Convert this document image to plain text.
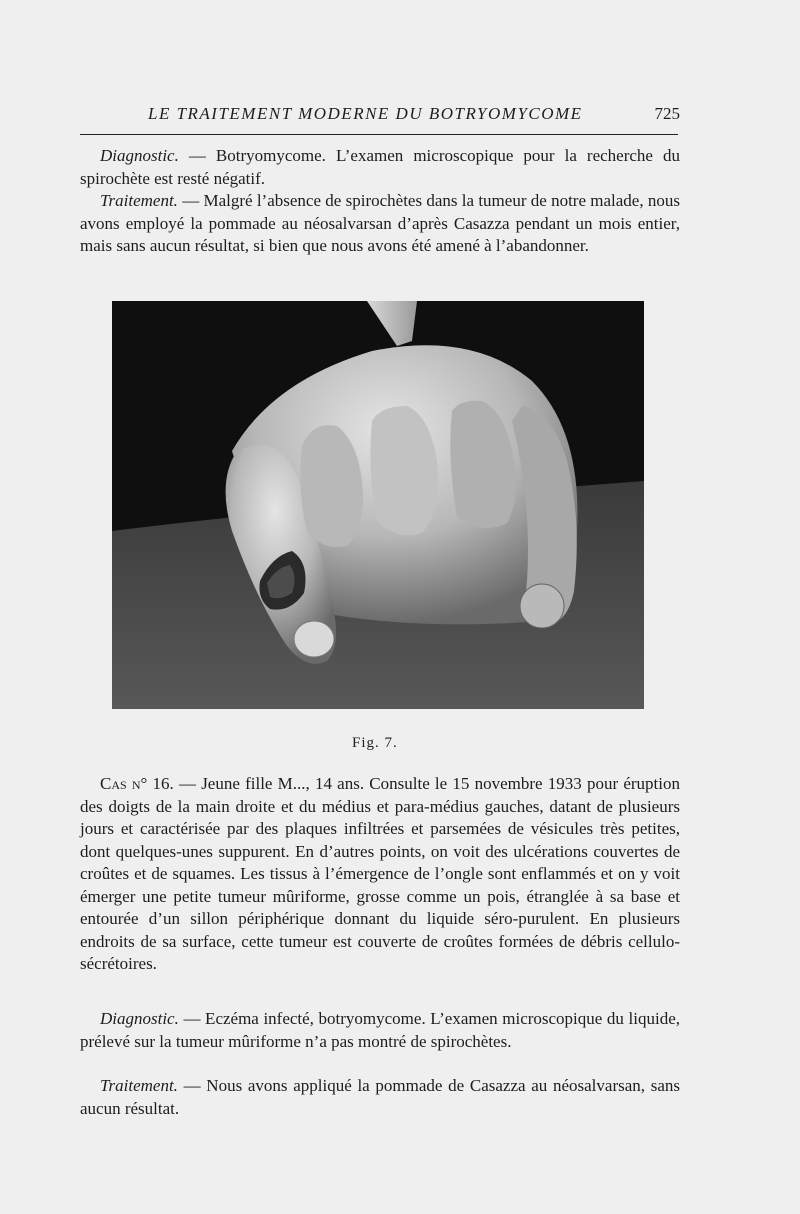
LE TRAITEMENT MODERNE DU BOTRYOMYCOME	725

Diagnostic. — Botryomycome. L’examen microscopique pour la recherche du spirochète est resté négatif.

Traitement. — Malgré l’absence de spirochètes dans la tumeur de notre malade, nous avons employé la pommade au néosalvarsan d’après Casazza pendant un mois entier, mais sans aucun résultat, si bien que nous avons été amené à l’abandonner.

Fig. 7.

Cas n° 16. — Jeune fille M..., 14 ans. Consulte le 15 novembre 1933 pour éruption des doigts de la main droite et du médius et para-médius gauches, datant de plusieurs jours et caractérisée par des plaques infiltrées et parsemées de vésicules très petites, dont quelques-unes suppurent. En d’autres points, on voit des ulcérations couvertes de croûtes et de squames. Les tissus à l’émergence de l’ongle sont enflammés et on y voit émerger une petite tumeur mûriforme, grosse comme un pois, étranglée à sa base et entourée d’un sillon périphérique donnant du liquide séro-purulent. En plusieurs endroits de sa surface, cette tumeur est couverte de croûtes formées de débris cellulo-sécrétoires.

Diagnostic. — Eczéma infecté, botryomycome. L’examen microscopique du liquide, prélevé sur la tumeur mûriforme n’a pas montré de spirochètes.

Traitement. — Nous avons appliqué la pommade de Casazza au néosalvarsan, sans aucun résultat.
